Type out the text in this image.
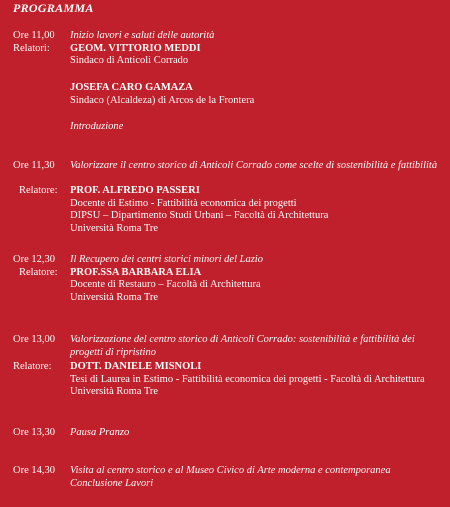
PROGRAMMA
Ore 11,00 Inizio lavori e saluti delle autorità
Relatori: GEOM. VITTORIO MEDDI
Sindaco di Anticoli Corrado
JOSEFA CARO GAMAZA
Sindaco (Alcaldeza) di Arcos de la Frontera
Introduzione
Ore 11,30 Valorizzare il centro storico di Anticoli Corrado come scelte di sostenibilità e fattibilità
Relatore: PROF. ALFREDO PASSERI
Docente di Estimo - Fattibilità economica dei progetti
DIPSU – Dipartimento Studi Urbani – Facoltà di Architettura
Università Roma Tre
Ore 12,30 Il Recupero dei centri storici minori del Lazio
Relatore: PROF.SSA BARBARA ELIA
Docente di Restauro – Facoltà di Architettura
Università Roma Tre
Ore 13,00 Valorizzazione del centro storico di Anticoli Corrado: sostenibilità e fattibilità dei progetti di ripristino
Relatore: DOTT. DANIELE MISNOLI
Tesi di Laurea in Estimo - Fattibilità economica dei progetti - Facoltà di Architettura
Università Roma Tre
Ore 13,30 Pausa Pranzo
Ore 14,30 Visita al centro storico e al Museo Civico di Arte moderna e contemporanea
Conclusione Lavori
